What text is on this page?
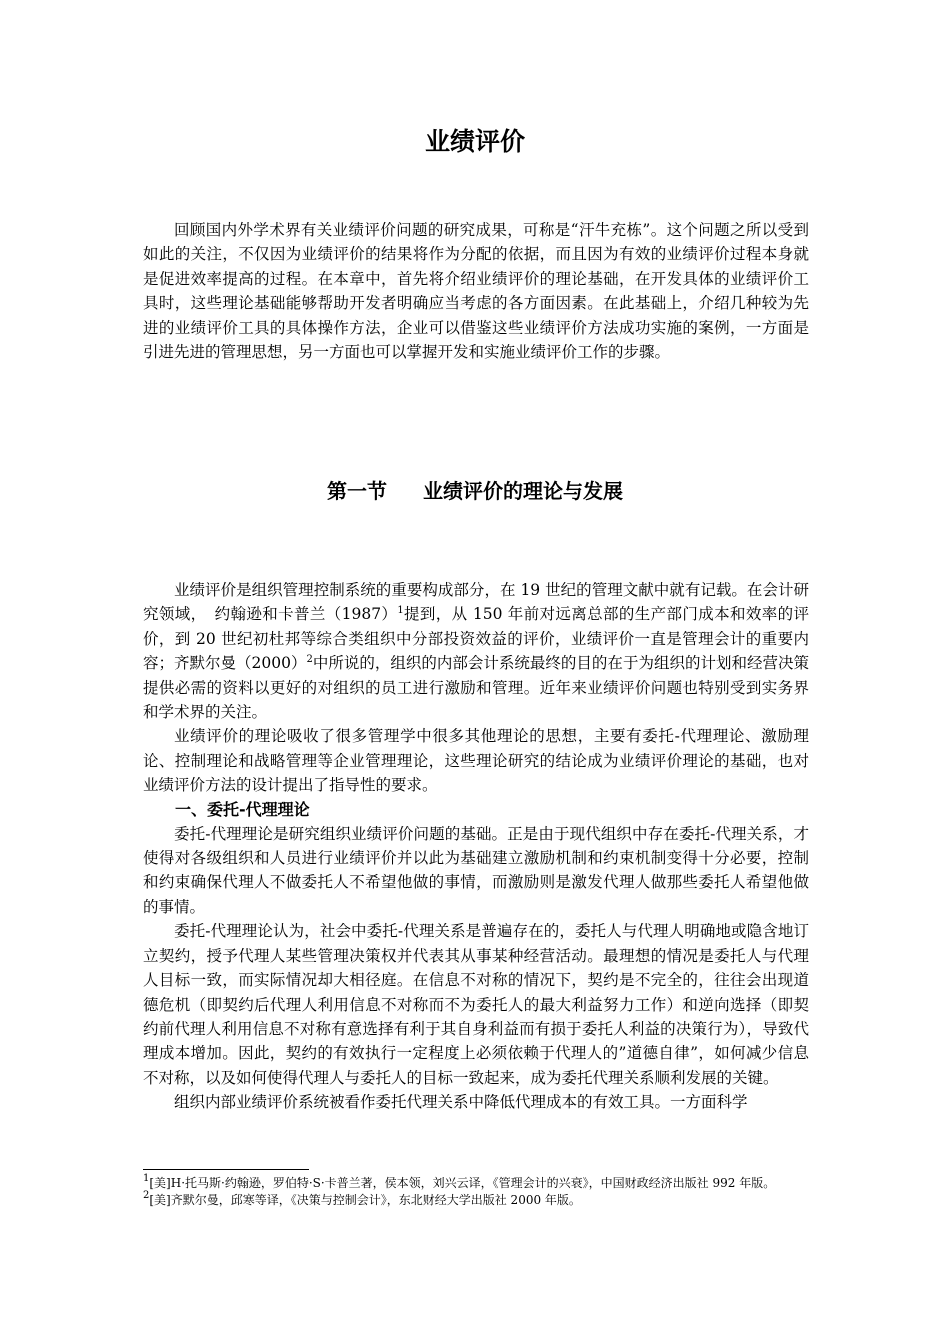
业绩评价

回顾国内外学术界有关业绩评价问题的研究成果，可称是“汗牛充栋”。这个问题之所以受到如此的关注，不仅因为业绩评价的结果将作为分配的依据，而且因为有效的业绩评价过程本身就是促进效率提高的过程。在本章中，首先将介绍业绩评价的理论基础，在开发具体的业绩评价工具时，这些理论基础能够帮助开发者明确应当考虑的各方面因素。在此基础上，介绍几种较为先进的业绩评价工具的具体操作方法，企业可以借鉴这些业绩评价方法成功实施的案例，一方面是引进先进的管理思想，另一方面也可以掌握开发和实施业绩评价工作的步骤。

第一节 业绩评价的理论与发展

业绩评价是组织管理控制系统的重要构成部分，在 19 世纪的管理文献中就有记载。在会计研究领域，　约翰逊和卡普兰$(1987)^1$提到，从 150 年前对远离总部的生产部门成本和效率的评价，到 20 世纪初杜邦等综合类组织中分部投资效益的评价，业绩评价一直是管理会计的重要内容；齐默尔曼$(2000)^2$中所说的，组织的内部会计系统最终的目的在于为组织的计划和经营决策提供必需的资料以更好的对组织的员工进行激励和管理。近年来业绩评价问题也特别受到实务界和学术界的关注。

业绩评价的理论吸收了很多管理学中很多其他理论的思想，主要有委托-代理理论、激励理论、控制理论和战略管理等企业管理理论，这些理论研究的结论成为业绩评价理论的基础，也对业绩评价方法的设计提出了指导性的要求。

一、委托-代理理论

委托-代理理论是研究组织业绩评价问题的基础。正是由于现代组织中存在委托-代理关系，才使得对各级组织和人员进行业绩评价并以此为基础建立激励机制和约束机制变得十分必要，控制和约束确保代理人不做委托人不希望他做的事情，而激励则是激发代理人做那些委托人希望他做的事情。

委托-代理理论认为，社会中委托-代理关系是普遍存在的，委托人与代理人明确地或隐含地订立契约，授予代理人某些管理决策权并代表其从事某种经营活动。最理想的情况是委托人与代理人目标一致，而实际情况却大相径庭。在信息不对称的情况下，契约是不完全的，往往会出现道德危机（即契约后代理人利用信息不对称而不为委托人的最大利益努力工作）和逆向选择（即契约前代理人利用信息不对称有意选择有利于其自身利益而有损于委托人利益的决策行为），导致代理成本增加。因此，契约的有效执行一定程度上必须依赖于代理人的”道德自律”，如何减少信息不对称，以及如何使得代理人与委托人的目标一致起来，成为委托代理关系顺利发展的关键。

组织内部业绩评价系统被看作委托代理关系中降低代理成本的有效工具。一方面科学

$^1$[美]H·托马斯·约翰逊，罗伯特·S·卡普兰著，侯本领，刘兴云译，《管理会计的兴衰》，中国财政经济出版社 992 年版。

$^2$[美]齐默尔曼，邱寒等译，《决策与控制会计》，东北财经大学出版社 2000 年版。
